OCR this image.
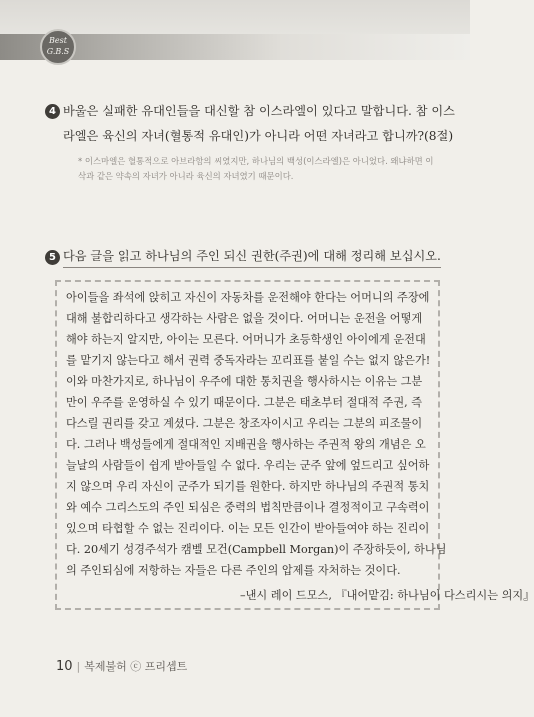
Best
G.B.S
4 바울은 실패한 유대인들을 대신할 참 이스라엘이 있다고 말합니다. 참 이스
라엘은 육신의 자녀(혈통적 유대인)가 아니라 어떤 자녀라고 합니까?(8절)
* 이스마엘은 혈통적으로 아브라함의 씨였지만, 하나님의 백성(이스라엘)은 아니었다. 왜냐하면 이
삭과 같은 약속의 자녀가 아니라 육신의 자녀였기 때문이다.
5 다음 글을 읽고 하나님의 주인 되신 권한(주권)에 대해 정리해 보십시오.
아이들을 좌석에 앉히고 자신이 자동차를 운전해야 한다는 어머니의 주장에
대해 불합리하다고 생각하는 사람은 없을 것이다. 어머니는 운전을 어떻게
해야 하는지 알지만, 아이는 모른다. 어머니가 초등학생인 아이에게 운전대
를 맡기지 않는다고 해서 권력 중독자라는 꼬리표를 붙일 수는 없지 않은가!
이와 마찬가지로, 하나님이 우주에 대한 통치권을 행사하시는 이유는 그분
만이 우주를 운영하실 수 있기 때문이다. 그분은 태초부터 절대적 주권, 즉
다스릴 권리를 갖고 계셨다. 그분은 창조자이시고 우리는 그분의 피조물이
다. 그러나 백성들에게 절대적인 지배권을 행사하는 주권적 왕의 개념은 오
늘날의 사람들이 쉽게 받아들일 수 없다. 우리는 군주 앞에 엎드리고 싶어하
지 않으며 우리 자신이 군주가 되기를 원한다. 하지만 하나님의 주권적 통치
와 예수 그리스도의 주인 되심은 중력의 법칙만큼이나 결정적이고 구속력이
있으며 타협할 수 없는 진리이다. 이는 모든 인간이 받아들여야 하는 진리이
다. 20세기 성경주석가 캠벨 모건(Campbell Morgan)이 주장하듯이, 하나님
의 주인되심에 저항하는 자들은 다른 주인의 압제를 자처하는 것이다.
–낸시 레이 드모스, 『내어맡김: 하나님이 다스리시는 의지』
10 | 복제불허 ⓒ 프리셉트
